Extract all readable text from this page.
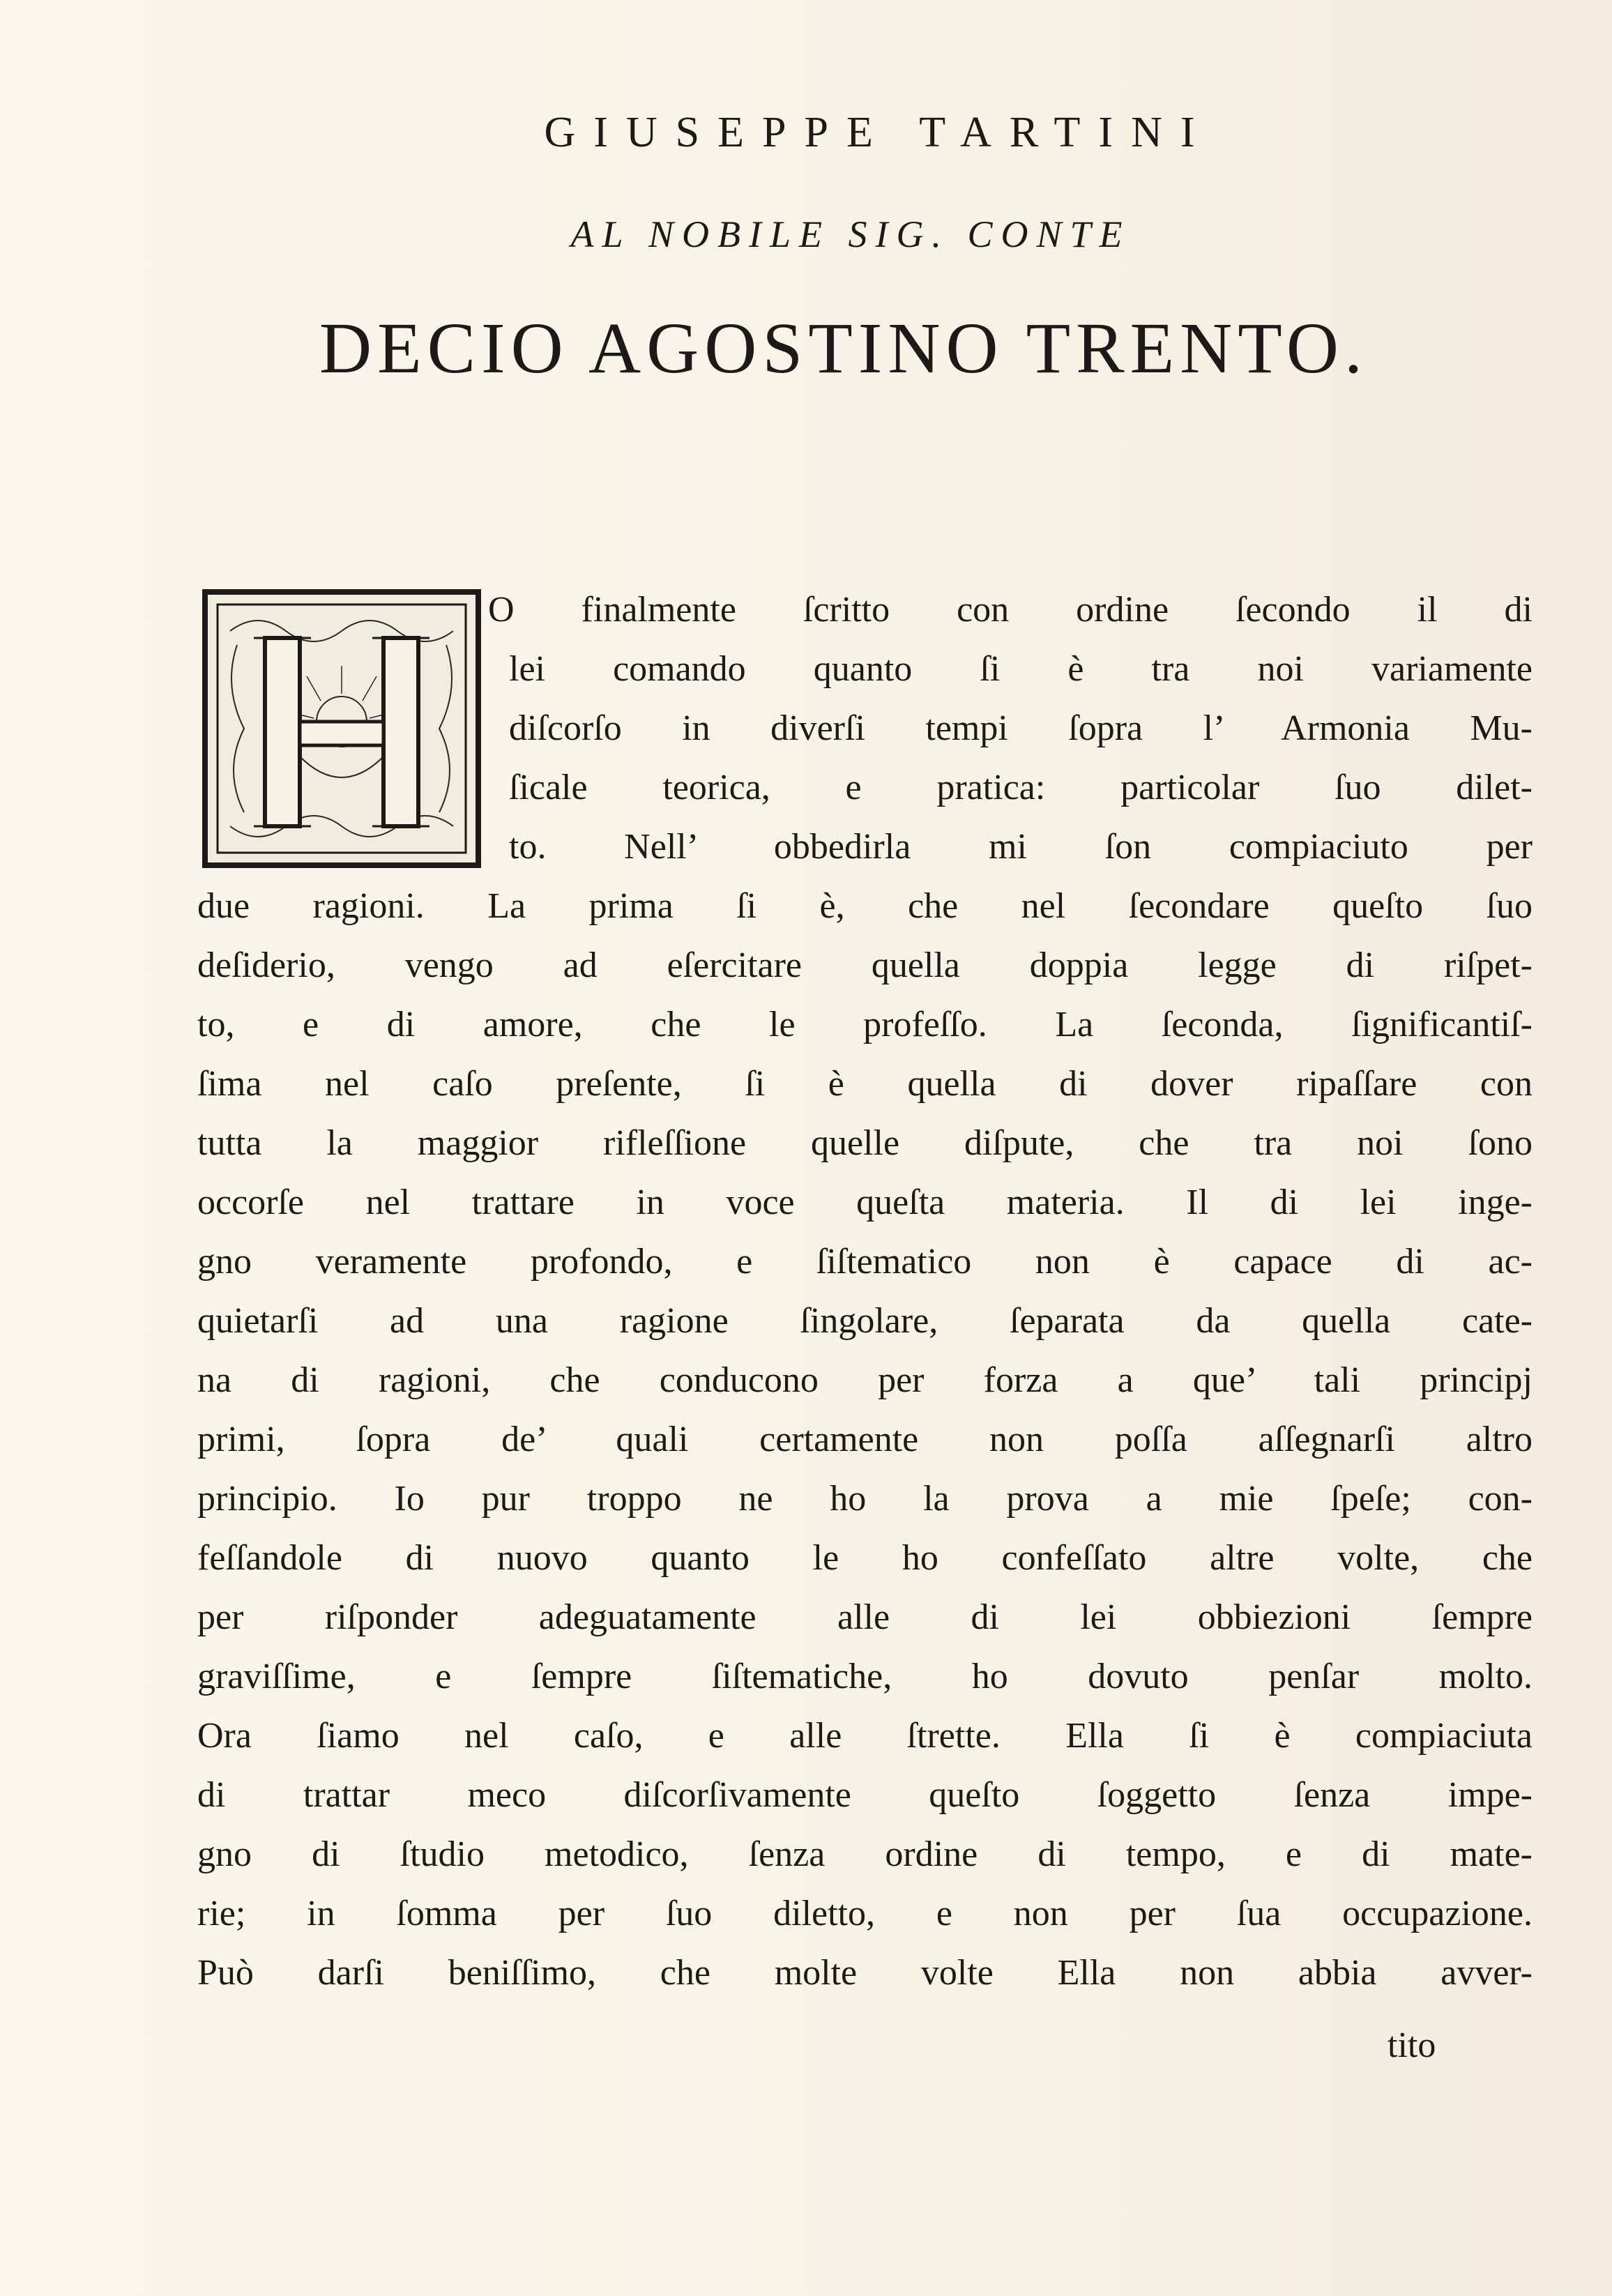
GIUSEPPE TARTINI
AL NOBILE SIG. CONTE
DECIO AGOSTINO TRENTO.
O finalmente ſcritto con ordine ſecondo il di
lei comando quanto ſi è tra noi variamente
diſcorſo in diverſi tempi ſopra l’ Armonia Mu-
ſicale teorica, e pratica: particolar ſuo dilet-
to. Nell’ obbedirla mi ſon compiaciuto per
due ragioni. La prima ſi è, che nel ſecondare queſto ſuo
deſiderio, vengo ad eſercitare quella doppia legge di riſpet-
to, e di amore, che le profeſſo. La ſeconda, ſignificantiſ-
ſima nel caſo preſente, ſi è quella di dover ripaſſare con
tutta la maggior rifleſſione quelle diſpute, che tra noi ſono
occorſe nel trattare in voce queſta materia. Il di lei inge-
gno veramente profondo, e ſiſtematico non è capace di ac-
quietarſi ad una ragione ſingolare, ſeparata da quella cate-
na di ragioni, che conducono per forza a que’ tali principj
primi, ſopra de’ quali certamente non poſſa aſſegnarſi altro
principio. Io pur troppo ne ho la prova a mie ſpeſe; con-
feſſandole di nuovo quanto le ho confeſſato altre volte, che
per riſponder adeguatamente alle di lei obbiezioni ſempre
graviſſime, e ſempre ſiſtematiche, ho dovuto penſar molto.
Ora ſiamo nel caſo, e alle ſtrette. Ella ſi è compiaciuta
di trattar meco diſcorſivamente queſto ſoggetto ſenza impe-
gno di ſtudio metodico, ſenza ordine di tempo, e di mate-
rie; in ſomma per ſuo diletto, e non per ſua occupazione.
Può darſi beniſſimo, che molte volte Ella non abbia avver-
tito
